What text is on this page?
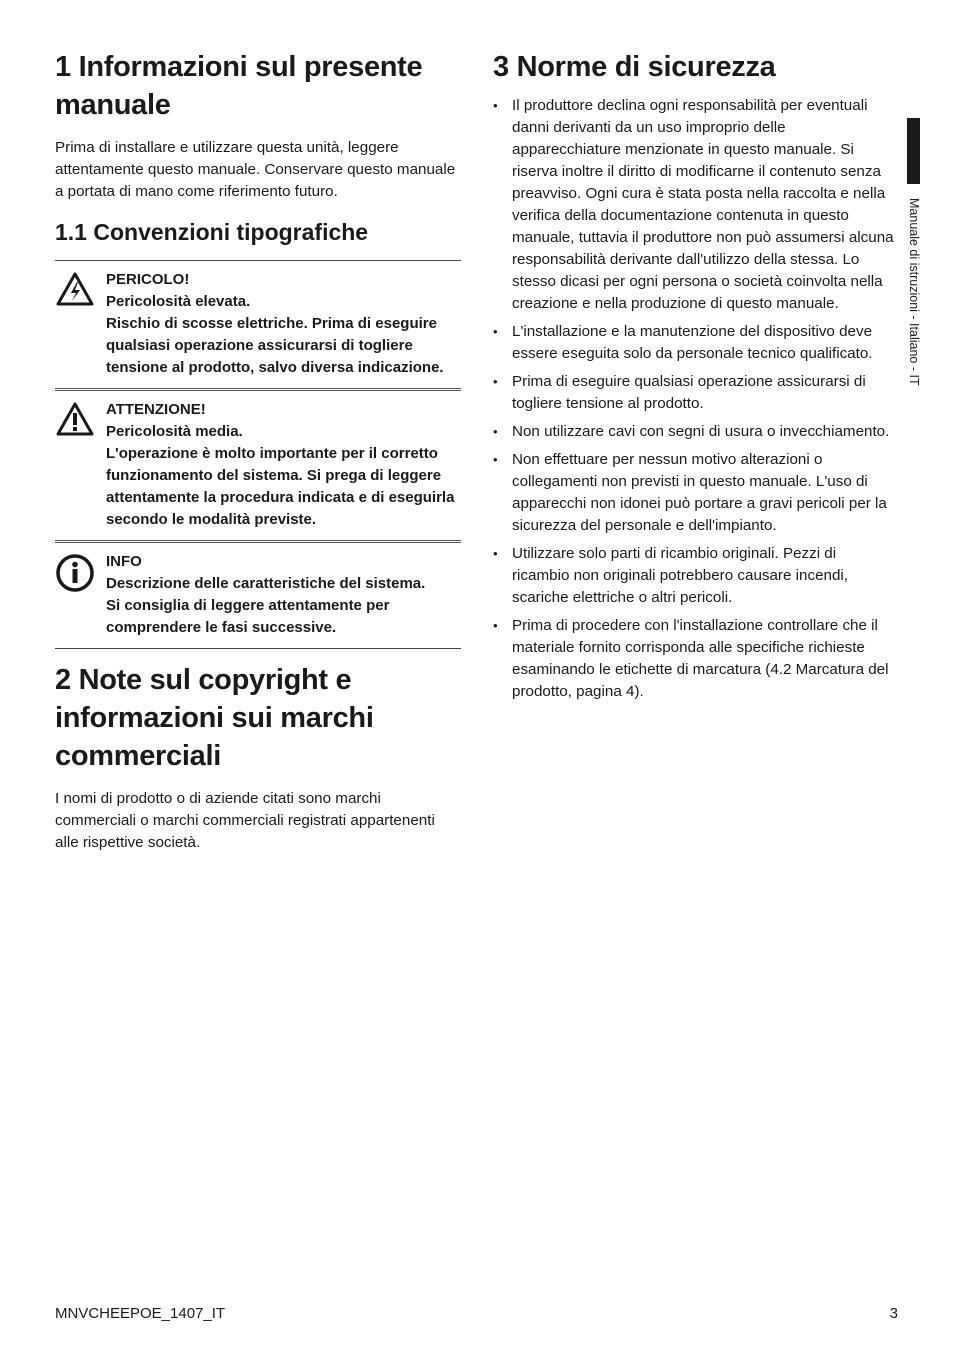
1 Informazioni sul presente manuale

Prima di installare e utilizzare questa unità, leggere attentamente questo manuale. Conservare questo manuale a portata di mano come riferimento futuro.

1.1 Convenzioni tipografiche
PERICOLO!
Pericolosità elevata.
Rischio di scosse elettriche. Prima di eseguire qualsiasi operazione assicurarsi di togliere tensione al prodotto, salvo diversa indicazione.
ATTENZIONE!
Pericolosità media.
L'operazione è molto importante per il corretto funzionamento del sistema. Si prega di leggere attentamente la procedura indicata e di eseguirla secondo le modalità previste.
INFO
Descrizione delle caratteristiche del sistema.
Si consiglia di leggere attentamente per comprendere le fasi successive.
2 Note sul copyright e informazioni sui marchi commerciali

I nomi di prodotto o di aziende citati sono marchi commerciali o marchi commerciali registrati appartenenti alle rispettive società.

3 Norme di sicurezza
• Il produttore declina ogni responsabilità per eventuali danni derivanti da un uso improprio delle apparecchiature menzionate in questo manuale. Si riserva inoltre il diritto di modificarne il contenuto senza preavviso. Ogni cura è stata posta nella raccolta e nella verifica della documentazione contenuta in questo manuale, tuttavia il produttore non può assumersi alcuna responsabilità derivante dall'utilizzo della stessa. Lo stesso dicasi per ogni persona o società coinvolta nella creazione e nella produzione di questo manuale.
• L'installazione e la manutenzione del dispositivo deve essere eseguita solo da personale tecnico qualificato.
• Prima di eseguire qualsiasi operazione assicurarsi di togliere tensione al prodotto.
• Non utilizzare cavi con segni di usura o invecchiamento.
• Non effettuare per nessun motivo alterazioni o collegamenti non previsti in questo manuale. L'uso di apparecchi non idonei può portare a gravi pericoli per la sicurezza del personale e dell'impianto.
• Utilizzare solo parti di ricambio originali. Pezzi di ricambio non originali potrebbero causare incendi, scariche elettriche o altri pericoli.
• Prima di procedere con l'installazione controllare che il materiale fornito corrisponda alle specifiche richieste esaminando le etichette di marcatura (4.2 Marcatura del prodotto, pagina 4).
Manuale di istruzioni - Italiano - IT
MNVCHEEPOE_1407_IT	3
